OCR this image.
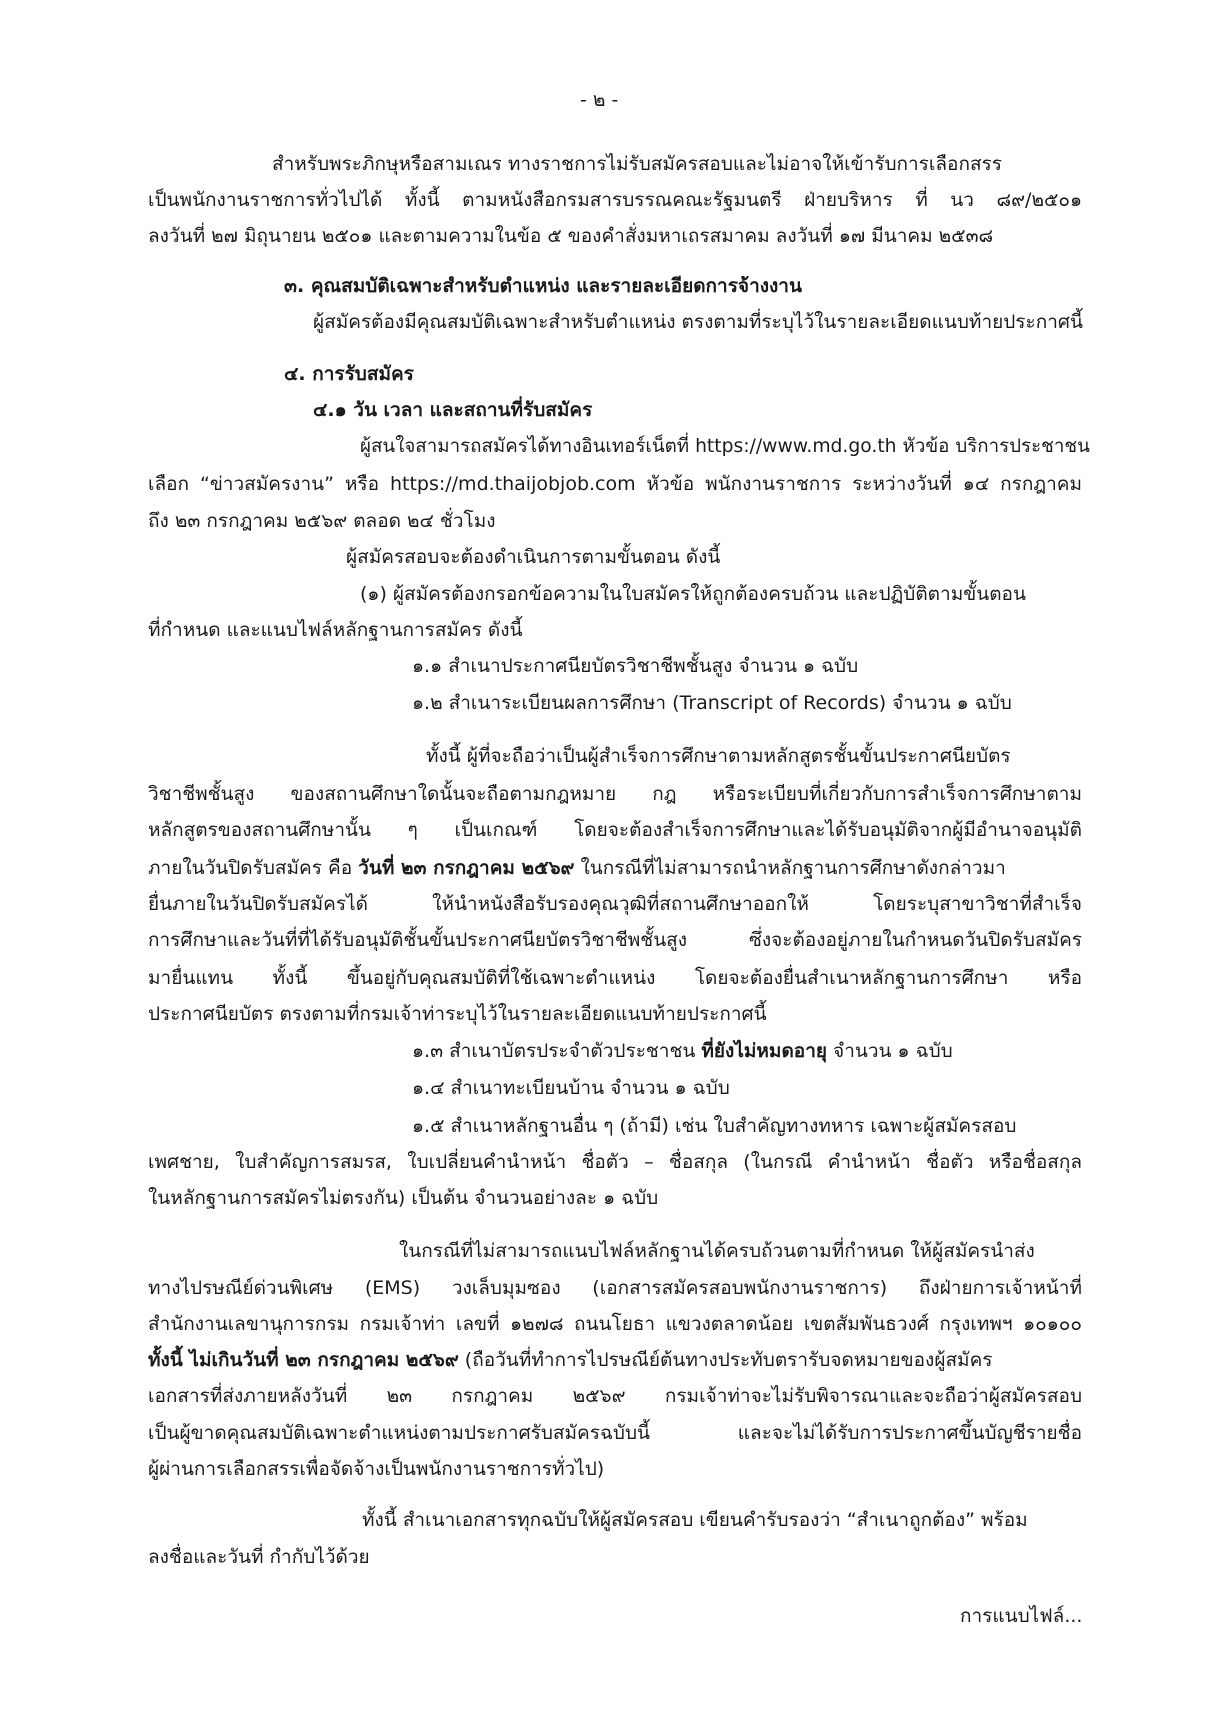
- ๒ -
สำหรับพระภิกษุหรือสามเณร ทางราชการไม่รับสมัครสอบและไม่อาจให้เข้ารับการเลือกสรร
เป็นพนักงานราชการทั่วไปได้ ทั้งนี้ ตามหนังสือกรมสารบรรณคณะรัฐมนตรี ฝ่ายบริหาร ที่ นว ๘๙/๒๕๐๑
ลงวันที่ ๒๗ มิถุนายน ๒๕๐๑ และตามความในข้อ ๕ ของคำสั่งมหาเถรสมาคม ลงวันที่ ๑๗ มีนาคม ๒๕๓๘
๓. คุณสมบัติเฉพาะสำหรับตำแหน่ง และรายละเอียดการจ้างงาน
ผู้สมัครต้องมีคุณสมบัติเฉพาะสำหรับตำแหน่ง ตรงตามที่ระบุไว้ในรายละเอียดแนบท้ายประกาศนี้
๔. การรับสมัคร
๔.๑ วัน เวลา และสถานที่รับสมัคร
ผู้สนใจสามารถสมัครได้ทางอินเทอร์เน็ตที่ https://www.md.go.th หัวข้อ บริการประชาชน
เลือก “ข่าวสมัครงาน” หรือ https://md.thaijobjob.com หัวข้อ พนักงานราชการ ระหว่างวันที่ ๑๔ กรกฎาคม
ถึง ๒๓ กรกฎาคม ๒๕๖๙ ตลอด ๒๔ ชั่วโมง
ผู้สมัครสอบจะต้องดำเนินการตามขั้นตอน ดังนี้
(๑) ผู้สมัครต้องกรอกข้อความในใบสมัครให้ถูกต้องครบถ้วน และปฏิบัติตามขั้นตอน
ที่กำหนด และแนบไฟล์หลักฐานการสมัคร ดังนี้
๑.๑ สำเนาประกาศนียบัตรวิชาชีพชั้นสูง จำนวน ๑ ฉบับ
๑.๒ สำเนาระเบียนผลการศึกษา (Transcript of Records) จำนวน ๑ ฉบับ
ทั้งนี้ ผู้ที่จะถือว่าเป็นผู้สำเร็จการศึกษาตามหลักสูตรชั้นขั้นประกาศนียบัตร
วิชาชีพชั้นสูง ของสถานศึกษาใดนั้นจะถือตามกฎหมาย กฎ หรือระเบียบที่เกี่ยวกับการสำเร็จการศึกษาตาม
หลักสูตรของสถานศึกษานั้น ๆ เป็นเกณฑ์ โดยจะต้องสำเร็จการศึกษาและได้รับอนุมัติจากผู้มีอำนาจอนุมัติ
ภายในวันปิดรับสมัคร คือ วันที่ ๒๓ กรกฎาคม ๒๕๖๙ ในกรณีที่ไม่สามารถนำหลักฐานการศึกษาดังกล่าวมา
ยื่นภายในวันปิดรับสมัครได้ ให้นำหนังสือรับรองคุณวุฒิที่สถานศึกษาออกให้ โดยระบุสาขาวิชาที่สำเร็จ
การศึกษาและวันที่ที่ได้รับอนุมัติชั้นขั้นประกาศนียบัตรวิชาชีพชั้นสูง ซึ่งจะต้องอยู่ภายในกำหนดวันปิดรับสมัคร
มายื่นแทน ทั้งนี้ ขึ้นอยู่กับคุณสมบัติที่ใช้เฉพาะตำแหน่ง โดยจะต้องยื่นสำเนาหลักฐานการศึกษา หรือ
ประกาศนียบัตร ตรงตามที่กรมเจ้าท่าระบุไว้ในรายละเอียดแนบท้ายประกาศนี้
๑.๓ สำเนาบัตรประจำตัวประชาชน ที่ยังไม่หมดอายุ จำนวน ๑ ฉบับ
๑.๔ สำเนาทะเบียนบ้าน จำนวน ๑ ฉบับ
๑.๕ สำเนาหลักฐานอื่น ๆ (ถ้ามี) เช่น ใบสำคัญทางทหาร เฉพาะผู้สมัครสอบ
เพศชาย, ใบสำคัญการสมรส, ใบเปลี่ยนคำนำหน้า ชื่อตัว – ชื่อสกุล (ในกรณี คำนำหน้า ชื่อตัว หรือชื่อสกุล
ในหลักฐานการสมัครไม่ตรงกัน) เป็นต้น จำนวนอย่างละ ๑ ฉบับ
ในกรณีที่ไม่สามารถแนบไฟล์หลักฐานได้ครบถ้วนตามที่กำหนด ให้ผู้สมัครนำส่ง
ทางไปรษณีย์ด่วนพิเศษ (EMS) วงเล็บมุมซอง (เอกสารสมัครสอบพนักงานราชการ) ถึงฝ่ายการเจ้าหน้าที่
สำนักงานเลขานุการกรม กรมเจ้าท่า เลขที่ ๑๒๗๘ ถนนโยธา แขวงตลาดน้อย เขตสัมพันธวงศ์ กรุงเทพฯ ๑๐๑๐๐
ทั้งนี้ ไม่เกินวันที่ ๒๓ กรกฎาคม ๒๕๖๙ (ถือวันที่ทำการไปรษณีย์ต้นทางประทับตรารับจดหมายของผู้สมัคร
เอกสารที่ส่งภายหลังวันที่ ๒๓ กรกฎาคม ๒๕๖๙ กรมเจ้าท่าจะไม่รับพิจารณาและจะถือว่าผู้สมัครสอบ
เป็นผู้ขาดคุณสมบัติเฉพาะตำแหน่งตามประกาศรับสมัครฉบับนี้ และจะไม่ได้รับการประกาศขึ้นบัญชีรายชื่อ
ผู้ผ่านการเลือกสรรเพื่อจัดจ้างเป็นพนักงานราชการทั่วไป)
ทั้งนี้ สำเนาเอกสารทุกฉบับให้ผู้สมัครสอบ เขียนคำรับรองว่า “สำเนาถูกต้อง” พร้อม
ลงชื่อและวันที่ กำกับไว้ด้วย
การแนบไฟล์...
